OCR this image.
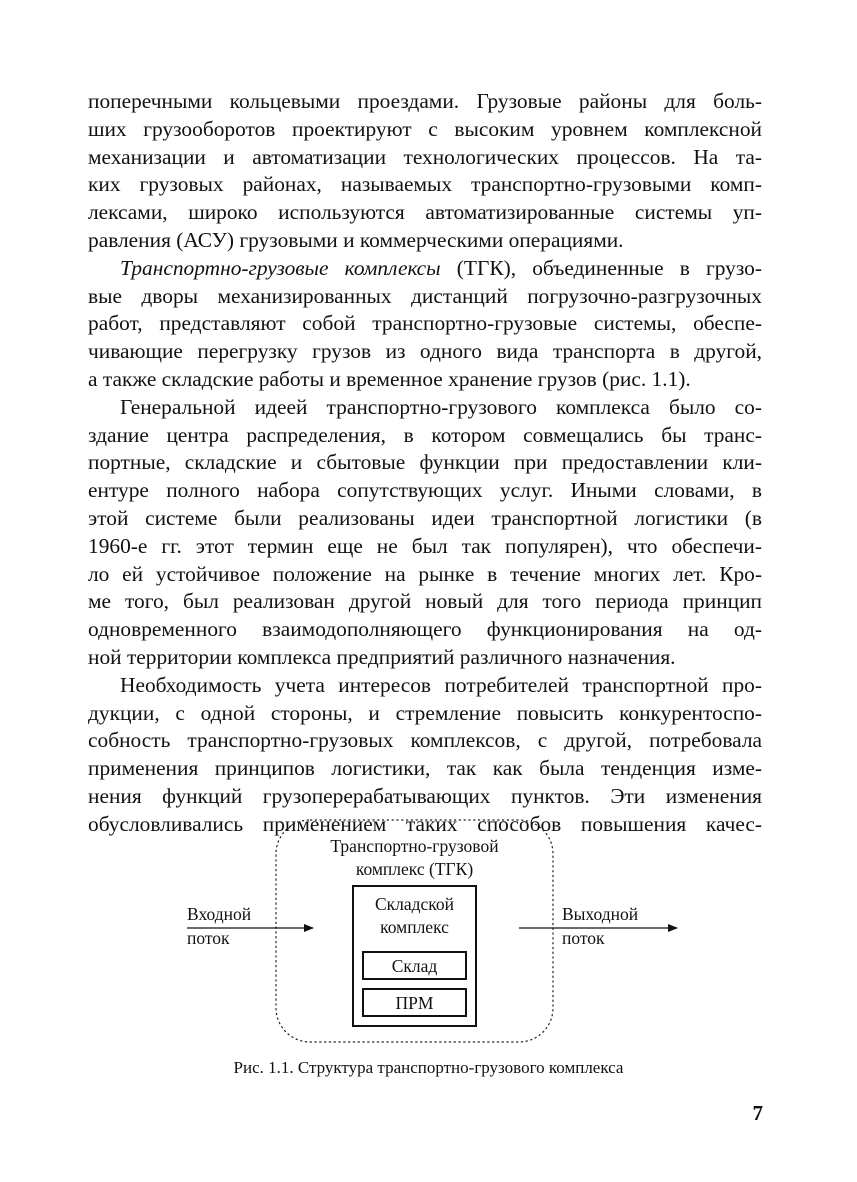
поперечными кольцевыми проездами. Грузовые районы для боль-
ших грузооборотов проектируют с высоким уровнем комплексной
механизации и автоматизации технологических процессов. На та-
ких грузовых районах, называемых транспортно-грузовыми комп-
лексами, широко используются автоматизированные системы уп-
равления (АСУ) грузовыми и коммерческими операциями.
Транспортно-грузовые комплексы (ТГК), объединенные в грузо-
вые дворы механизированных дистанций погрузочно-разгрузочных
работ, представляют собой транспортно-грузовые системы, обеспе-
чивающие перегрузку грузов из одного вида транспорта в другой,
а также складские работы и временное хранение грузов (рис. 1.1).
Генеральной идеей транспортно-грузового комплекса было со-
здание центра распределения, в котором совмещались бы транс-
портные, складские и сбытовые функции при предоставлении кли-
ентуре полного набора сопутствующих услуг. Иными словами, в
этой системе были реализованы идеи транспортной логистики (в
1960-е гг. этот термин еще не был так популярен), что обеспечи-
ло ей устойчивое положение на рынке в течение многих лет. Кро-
ме того, был реализован другой новый для того периода принцип
одновременного взаимодополняющего функционирования на од-
ной территории комплекса предприятий различного назначения.
Необходимость учета интересов потребителей транспортной про-
дукции, с одной стороны, и стремление повысить конкурентоспо-
собность транспортно-грузовых комплексов, с другой, потребовала
применения принципов логистики, так как была тенденция изме-
нения функций грузоперерабатывающих пунктов. Эти изменения
обусловливались применением таких способов повышения качес-
Транспортно-грузовой
комплекс (ТГК)
Складской
комплекс
Склад
ПРМ
Входной
поток
Выходной
поток
Рис. 1.1. Структура транспортно-грузового комплекса
7
